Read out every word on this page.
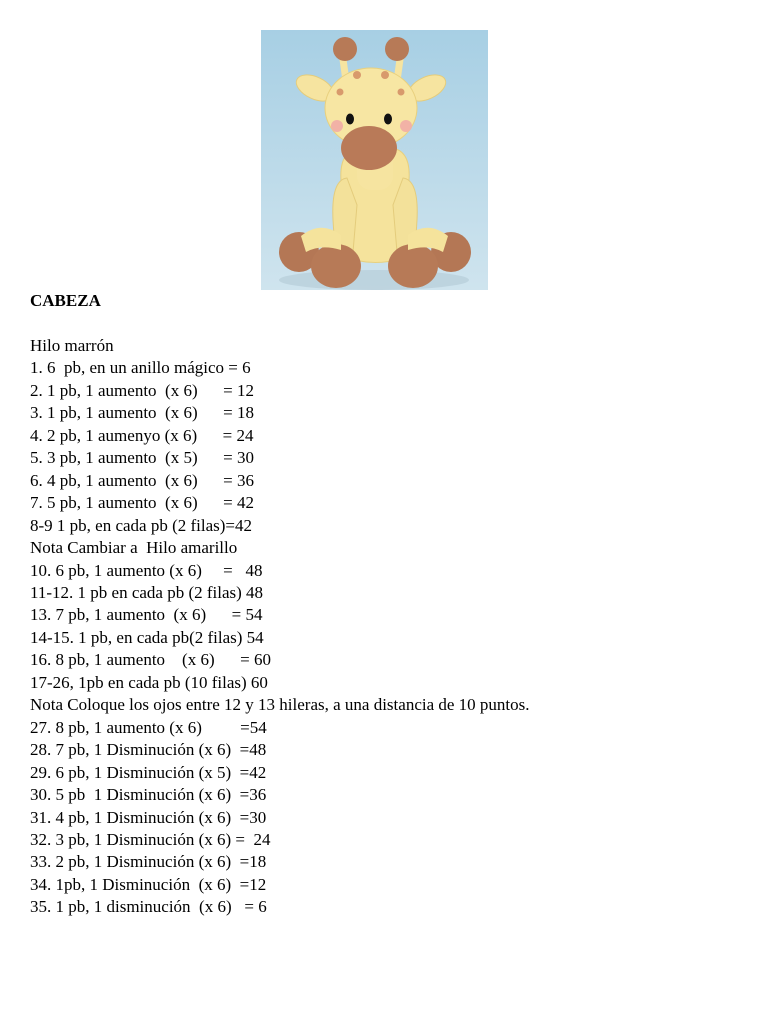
CABEZA

Hilo marrón

1. 6  pb, en un anillo mágico = 6

2. 1 pb, 1 aumento  (x 6)      = 12

3. 1 pb, 1 aumento  (x 6)      = 18

4. 2 pb, 1 aumenyo (x 6)      = 24

5. 3 pb, 1 aumento  (x 5)      = 30

6. 4 pb, 1 aumento  (x 6)      = 36

7. 5 pb, 1 aumento  (x 6)      = 42

8-9 1 pb, en cada pb (2 filas)=42

Nota Cambiar a  Hilo amarillo

10. 6 pb, 1 aumento (x 6)     =   48

11-12. 1 pb en cada pb (2 filas) 48

13. 7 pb, 1 aumento  (x 6)      = 54

14-15. 1 pb, en cada pb(2 filas) 54

16. 8 pb, 1 aumento    (x 6)      = 60

17-26, 1pb en cada pb (10 filas) 60

Nota Coloque los ojos entre 12 y 13 hileras, a una distancia de 10 puntos.

27. 8 pb, 1 aumento (x 6)         =54

28. 7 pb, 1 Disminución (x 6)  =48

29. 6 pb, 1 Disminución (x 5)  =42

30. 5 pb  1 Disminución (x 6)  =36

31. 4 pb, 1 Disminución (x 6)  =30

32. 3 pb, 1 Disminución (x 6) =  24

33. 2 pb, 1 Disminución (x 6)  =18

34. 1pb, 1 Disminución  (x 6)  =12

35. 1 pb, 1 disminución  (x 6)   = 6
